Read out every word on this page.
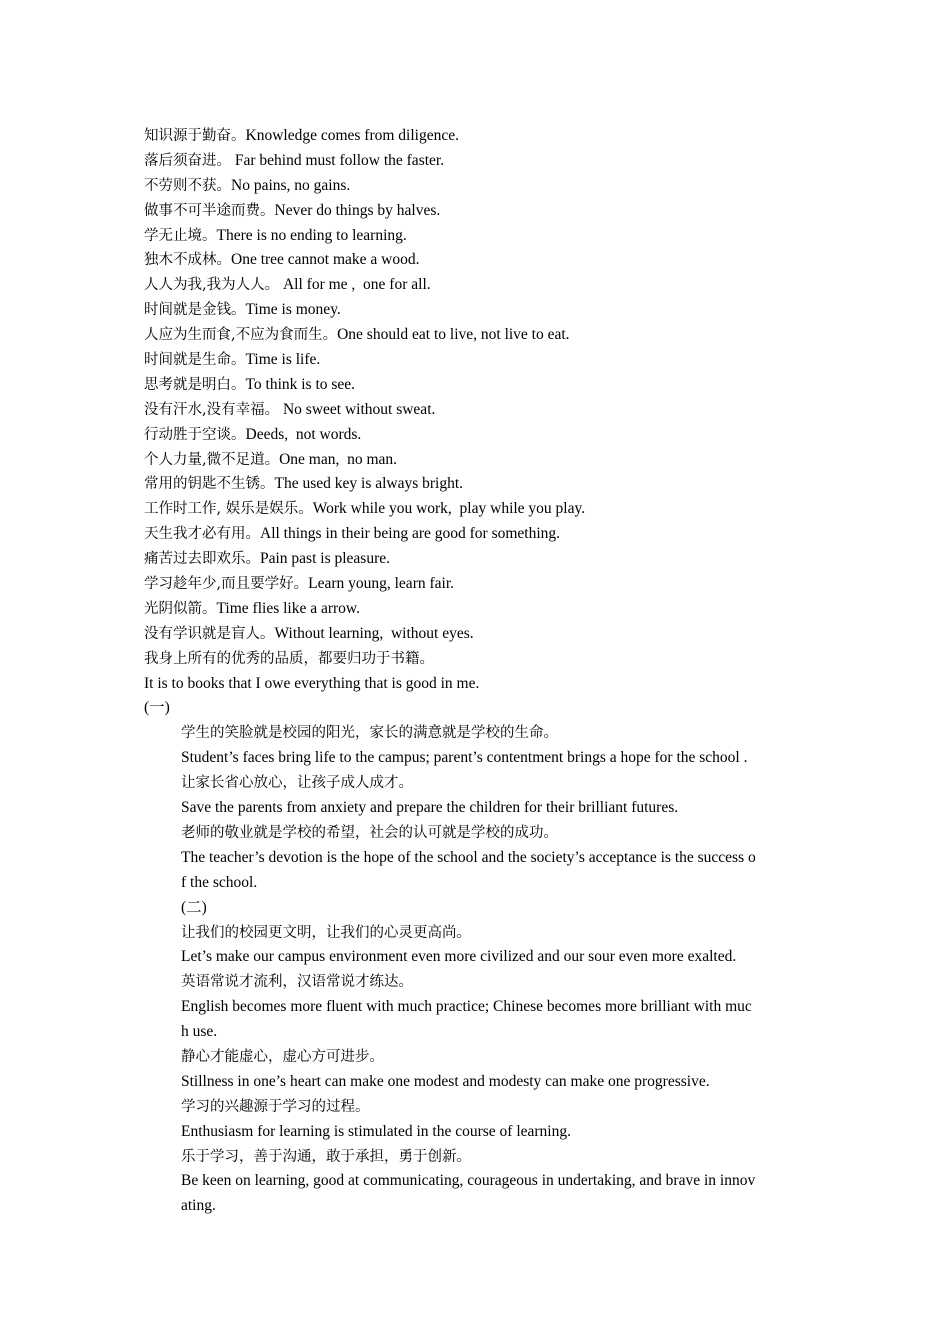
知识源于勤奋。Knowledge comes from diligence.
落后须奋进。 Far behind must follow the faster.
不劳则不获。No pains, no gains.
做事不可半途而费。Never do things by halves.
学无止境。There is no ending to learning.
独木不成林。One tree cannot make a wood.
人人为我,我为人人。 All for me ,  one for all.
时间就是金钱。Time is money.
人应为生而食,不应为食而生。One should eat to live, not live to eat.
时间就是生命。Time is life.
思考就是明白。To think is to see.
没有汗水,没有幸福。 No sweet without sweat.
行动胜于空谈。Deeds,  not words.
个人力量,微不足道。One man,  no man.
常用的钥匙不生锈。The used key is always bright.
工作时工作, 娱乐是娱乐。Work while you work,  play while you play.
天生我才必有用。All things in their being are good for something.
痛苦过去即欢乐。Pain past is pleasure.
学习趁年少,而且要学好。Learn young, learn fair.
光阴似箭。Time flies like a arrow.
没有学识就是盲人。Without learning,  without eyes.
我身上所有的优秀的品质，都要归功于书籍。
It is to books that I owe everything that is good in me.
(一)
学生的笑脸就是校园的阳光，家长的满意就是学校的生命。
Student’s faces bring life to the campus; parent’s contentment brings a hope for the school .
让家长省心放心，让孩子成人成才。
Save the parents from anxiety and prepare the children for their brilliant futures.
老师的敬业就是学校的希望，社会的认可就是学校的成功。
The teacher’s devotion is the hope of the school and the society’s acceptance is the success o
f the school.
(二)
让我们的校园更文明，让我们的心灵更高尚。
Let’s make our campus environment even more civilized and our sour even more exalted.
英语常说才流利，汉语常说才练达。
English becomes more fluent with much practice; Chinese becomes more brilliant with muc
h use.
静心才能虚心，虚心方可进步。
Stillness in one’s heart can make one modest and modesty can make one progressive.
学习的兴趣源于学习的过程。
Enthusiasm for learning is stimulated in the course of learning.
乐于学习，善于沟通，敢于承担，勇于创新。
Be keen on learning, good at communicating, courageous in undertaking, and brave in innov
ating.
